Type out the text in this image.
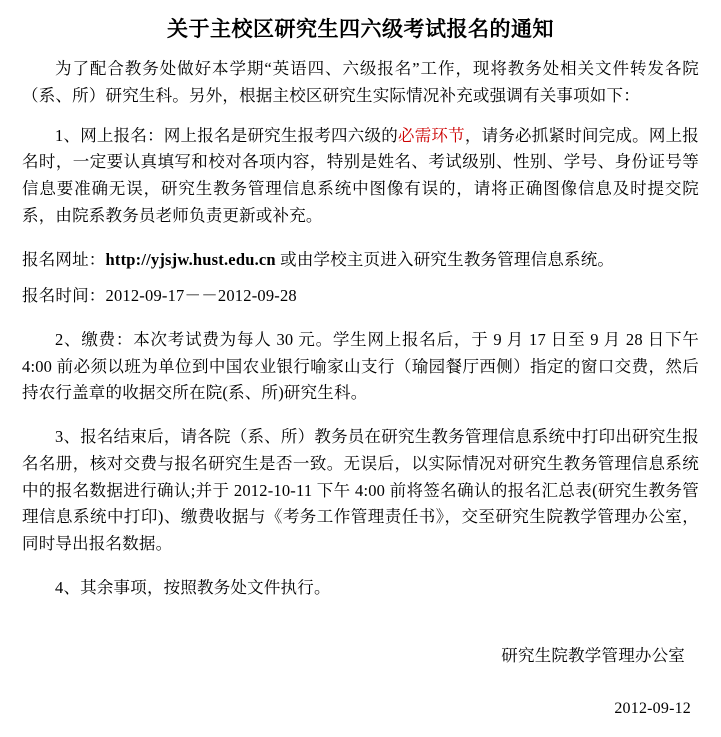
关于主校区研究生四六级考试报名的通知

为了配合教务处做好本学期“英语四、六级报名”工作，现将教务处相关文件转发各院（系、所）研究生科。另外，根据主校区研究生实际情况补充或强调有关事项如下：

1、网上报名：网上报名是研究生报考四六级的必需环节，请务必抓紧时间完成。网上报名时，一定要认真填写和校对各项内容，特别是姓名、考试级别、性别、学号、身份证号等信息要准确无误，研究生教务管理信息系统中图像有误的，请将正确图像信息及时提交院系，由院系教务员老师负责更新或补充。

报名网址：http://yjsjw.hust.edu.cn 或由学校主页进入研究生教务管理信息系统。

报名时间：2012-09-17－－2012-09-28

2、缴费：本次考试费为每人 30 元。学生网上报名后，于 9 月 17 日至 9 月 28 日下午 4:00 前必须以班为单位到中国农业银行喻家山支行（瑜园餐厅西侧）指定的窗口交费，然后持农行盖章的收据交所在院(系、所)研究生科。

3、报名结束后，请各院（系、所）教务员在研究生教务管理信息系统中打印出研究生报名名册，核对交费与报名研究生是否一致。无误后，以实际情况对研究生教务管理信息系统中的报名数据进行确认;并于 2012-10-11 下午 4:00 前将签名确认的报名汇总表(研究生教务管理信息系统中打印)、缴费收据与《考务工作管理责任书》，交至研究生院教学管理办公室，同时导出报名数据。

4、其余事项，按照教务处文件执行。

研究生院教学管理办公室
2012-09-12
